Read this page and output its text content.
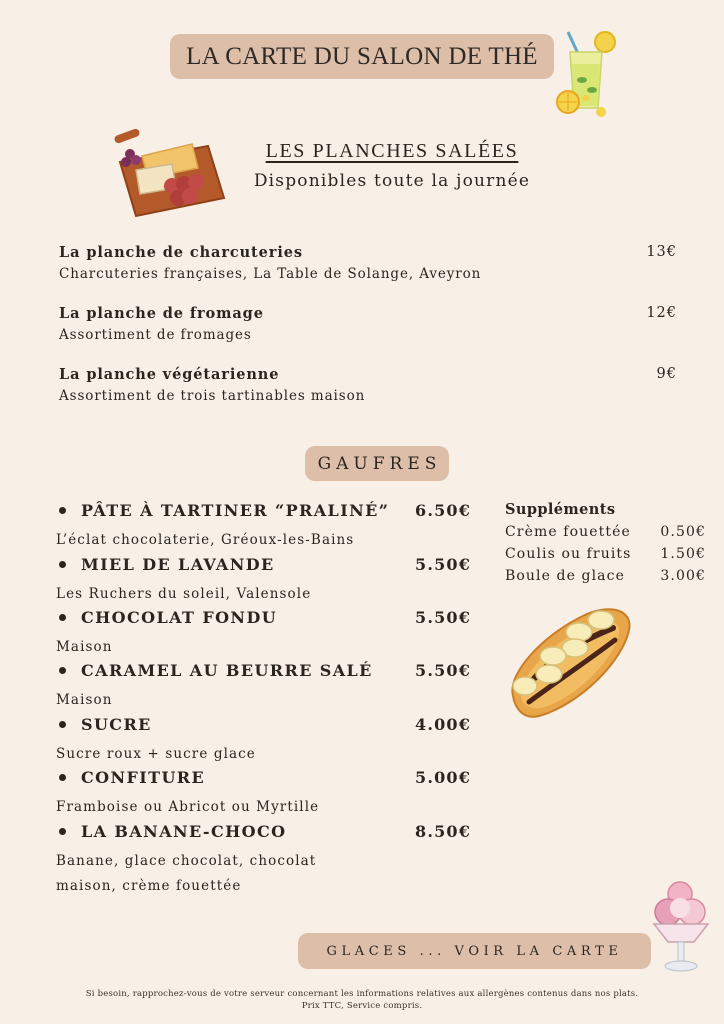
LA CARTE DU SALON DE THÉ
LES PLANCHES SALÉES
Disponibles toute la journée
La planche de charcuteries
Charcuteries françaises, La Table de Solange, Aveyron
13€
La planche de fromage
Assortiment de fromages
12€
La planche végétarienne
Assortiment de trois tartinables maison
9€
GAUFRES
PÂTE À TARTINER “PRALINÉ” 6.50€
L’éclat chocolaterie, Gréoux-les-Bains
MIEL DE LAVANDE	5.50€
Les Ruchers du soleil, Valensole
CHOCOLAT FONDU	5.50€
Maison
CARAMEL AU BEURRE SALÉ	5.50€
Maison
SUCRE	4.00€
Sucre roux + sucre glace
CONFITURE	5.00€
Framboise ou Abricot ou Myrtille
LA BANANE-CHOCO	8.50€
Banane, glace chocolat, chocolat maison, crème fouettée
Suppléments
Crème fouettée 0.50€
Coulis ou fruits 1.50€
Boule de glace	3.00€
GLACES ... VOIR LA CARTE
Si besoin, rapprochez-vous de votre serveur concernant les informations relatives aux allergènes contenus dans nos plats.
Prix TTC, Service compris.
